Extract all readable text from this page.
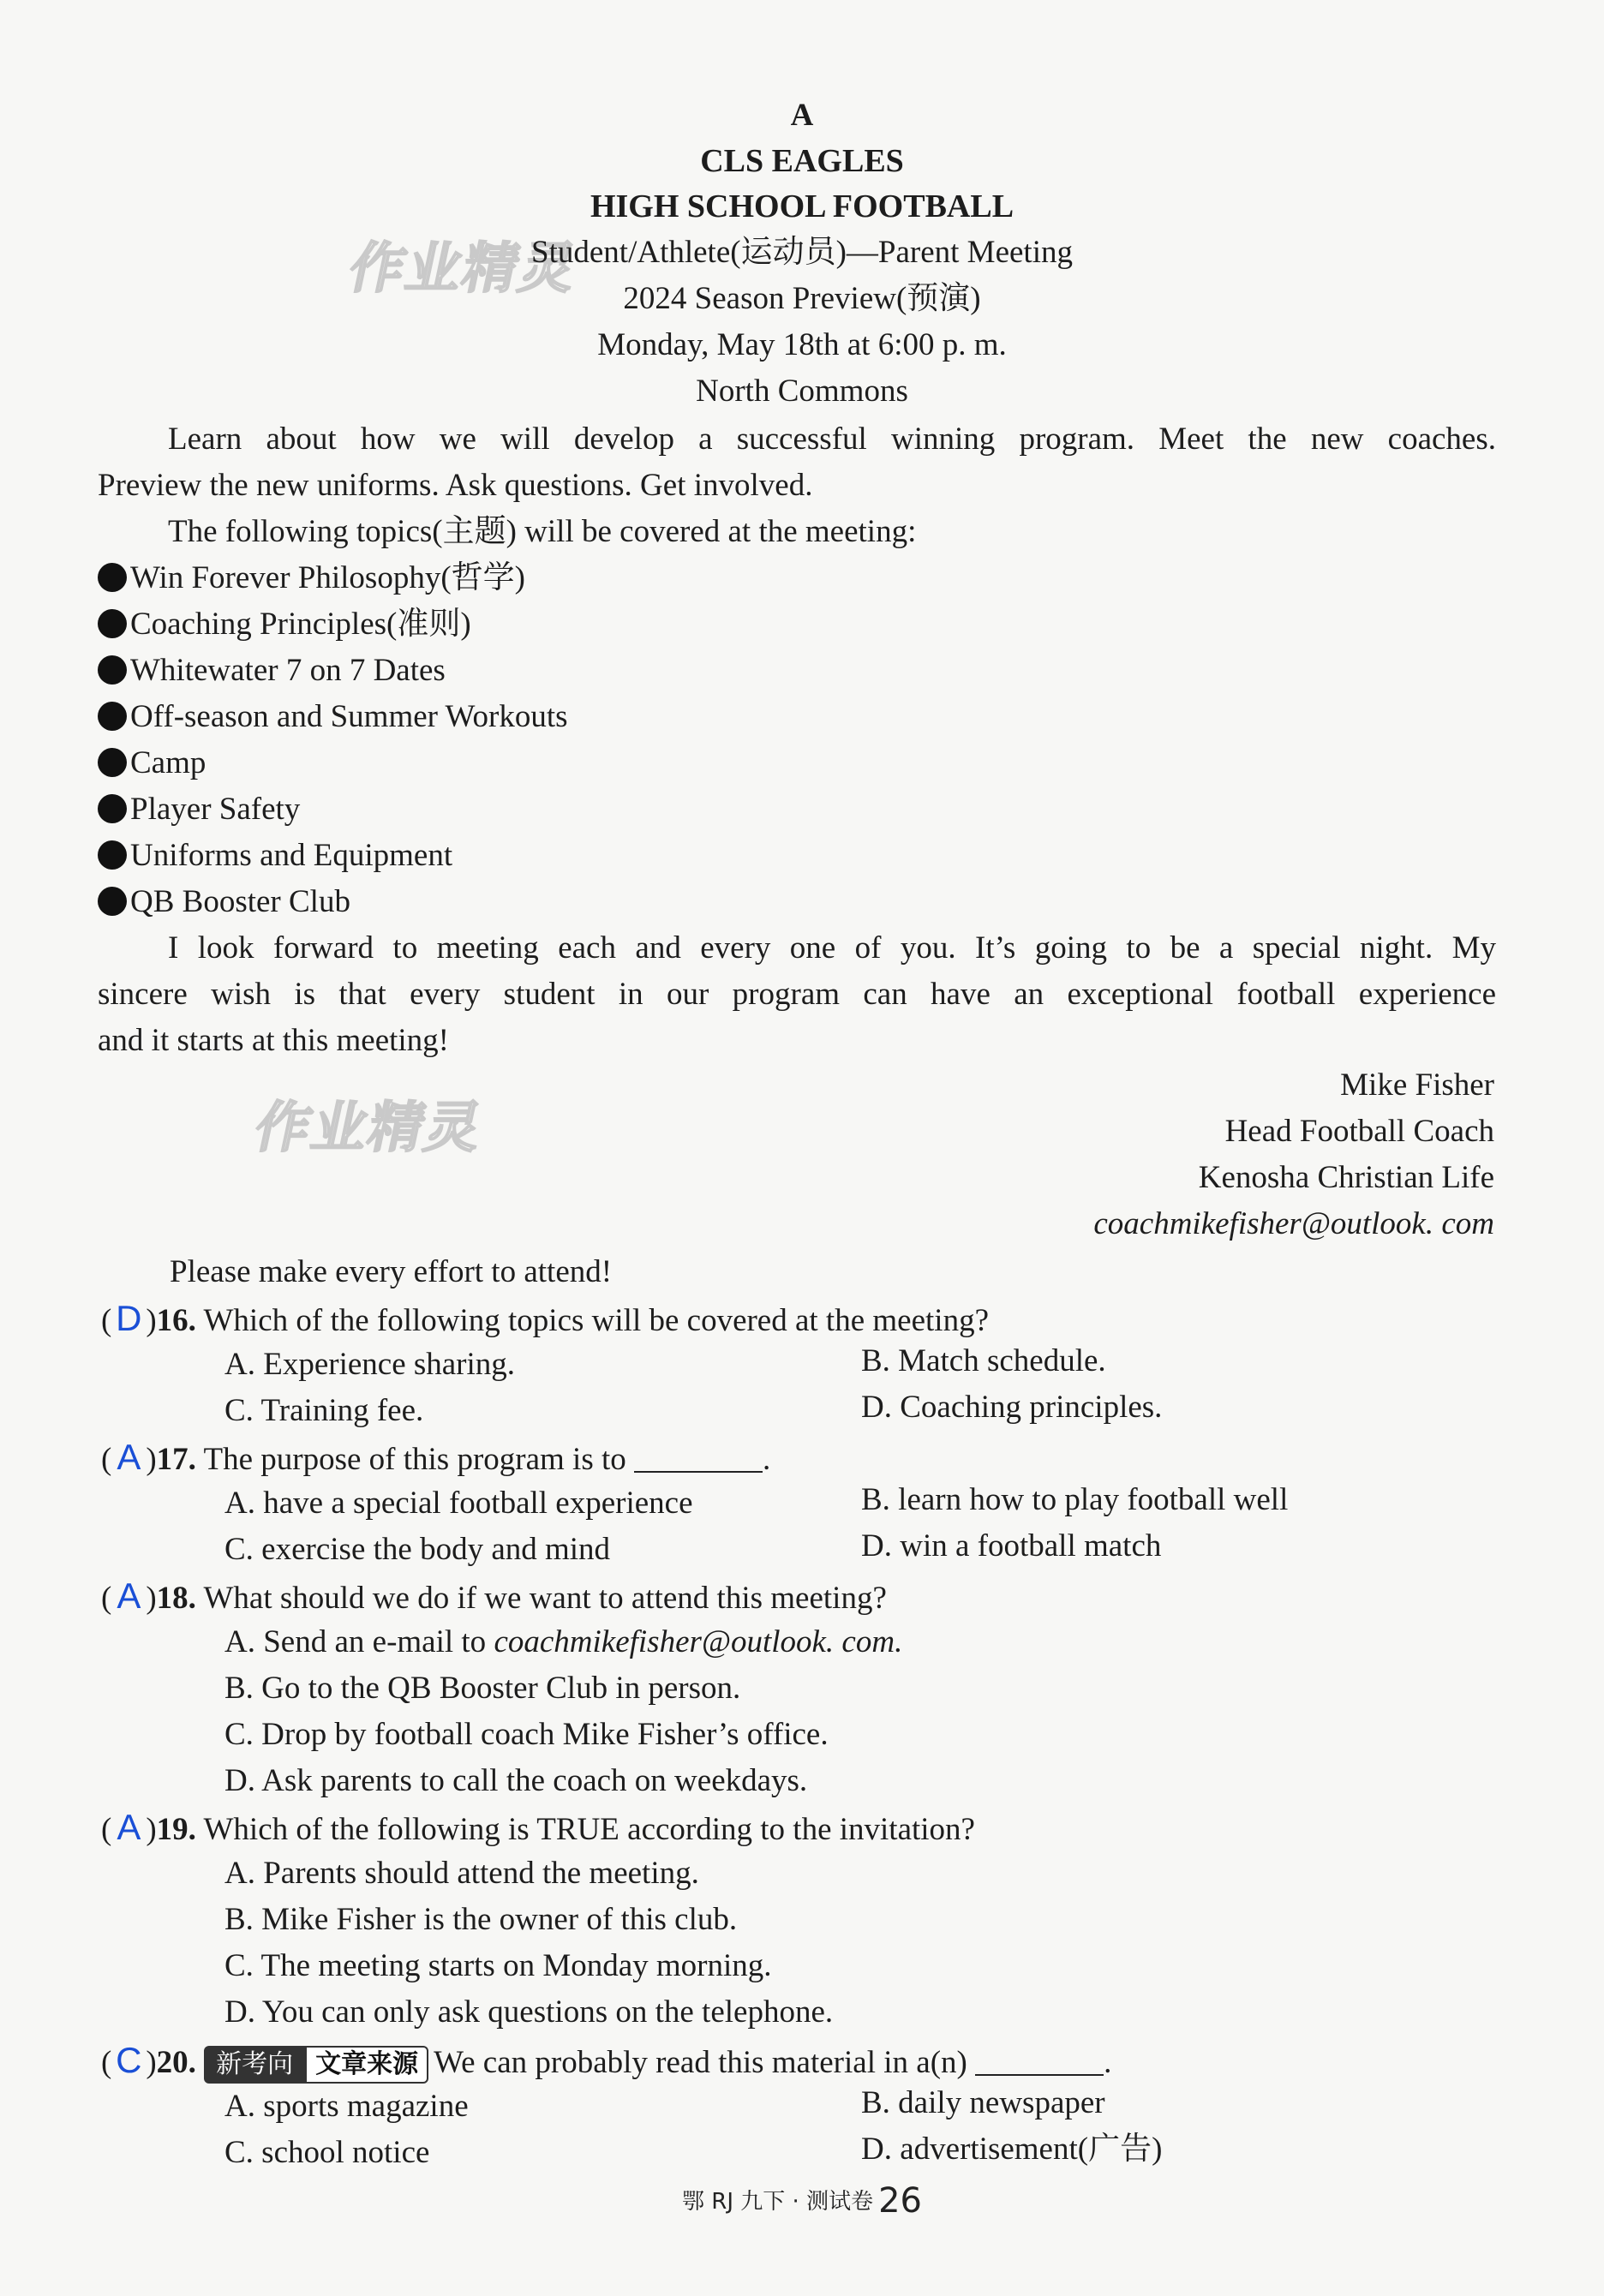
作业精灵
作业精灵
A
CLS EAGLES
HIGH SCHOOL FOOTBALL
Student/Athlete(运动员)—Parent Meeting
2024 Season Preview(预演)
Monday, May 18th at 6:00 p. m.
North Commons
Learn about how we will develop a successful winning program. Meet the new coaches.
Preview the new uniforms. Ask questions. Get involved.
The following topics(主题) will be covered at the meeting:
Win Forever Philosophy(哲学)
Coaching Principles(准则)
Whitewater 7 on 7 Dates
Off-season and Summer Workouts
Camp
Player Safety
Uniforms and Equipment
QB Booster Club
I look forward to meeting each and every one of you. It’s going to be a special night. My
sincere wish is that every student in our program can have an exceptional football experience
and it starts at this meeting!
Mike Fisher
Head Football Coach
Kenosha Christian Life
coachmikefisher@outlook. com
Please make every effort to attend!
( D )16. Which of the following topics will be covered at the meeting?
A. Experience sharing.	B. Match schedule.
C. Training fee.	D. Coaching principles.
( A )17. The purpose of this program is to	.
A. have a special football experience	B. learn how to play football well
C. exercise the body and mind	D. win a football match
( A )18. What should we do if we want to attend this meeting?
A. Send an e-mail to coachmikefisher@outlook. com.
B. Go to the QB Booster Club in person.
C. Drop by football coach Mike Fisher’s office.
D. Ask parents to call the coach on weekdays.
( A )19. Which of the following is TRUE according to the invitation?
A. Parents should attend the meeting.
B. Mike Fisher is the owner of this club.
C. The meeting starts on Monday morning.
D. You can only ask questions on the telephone.
( C )20. 新考向 文章来源 We can probably read this material in a(n)	.
A. sports magazine	B. daily newspaper
C. school notice	D. advertisement(广告)
鄂 RJ 九下 · 测试卷 26
